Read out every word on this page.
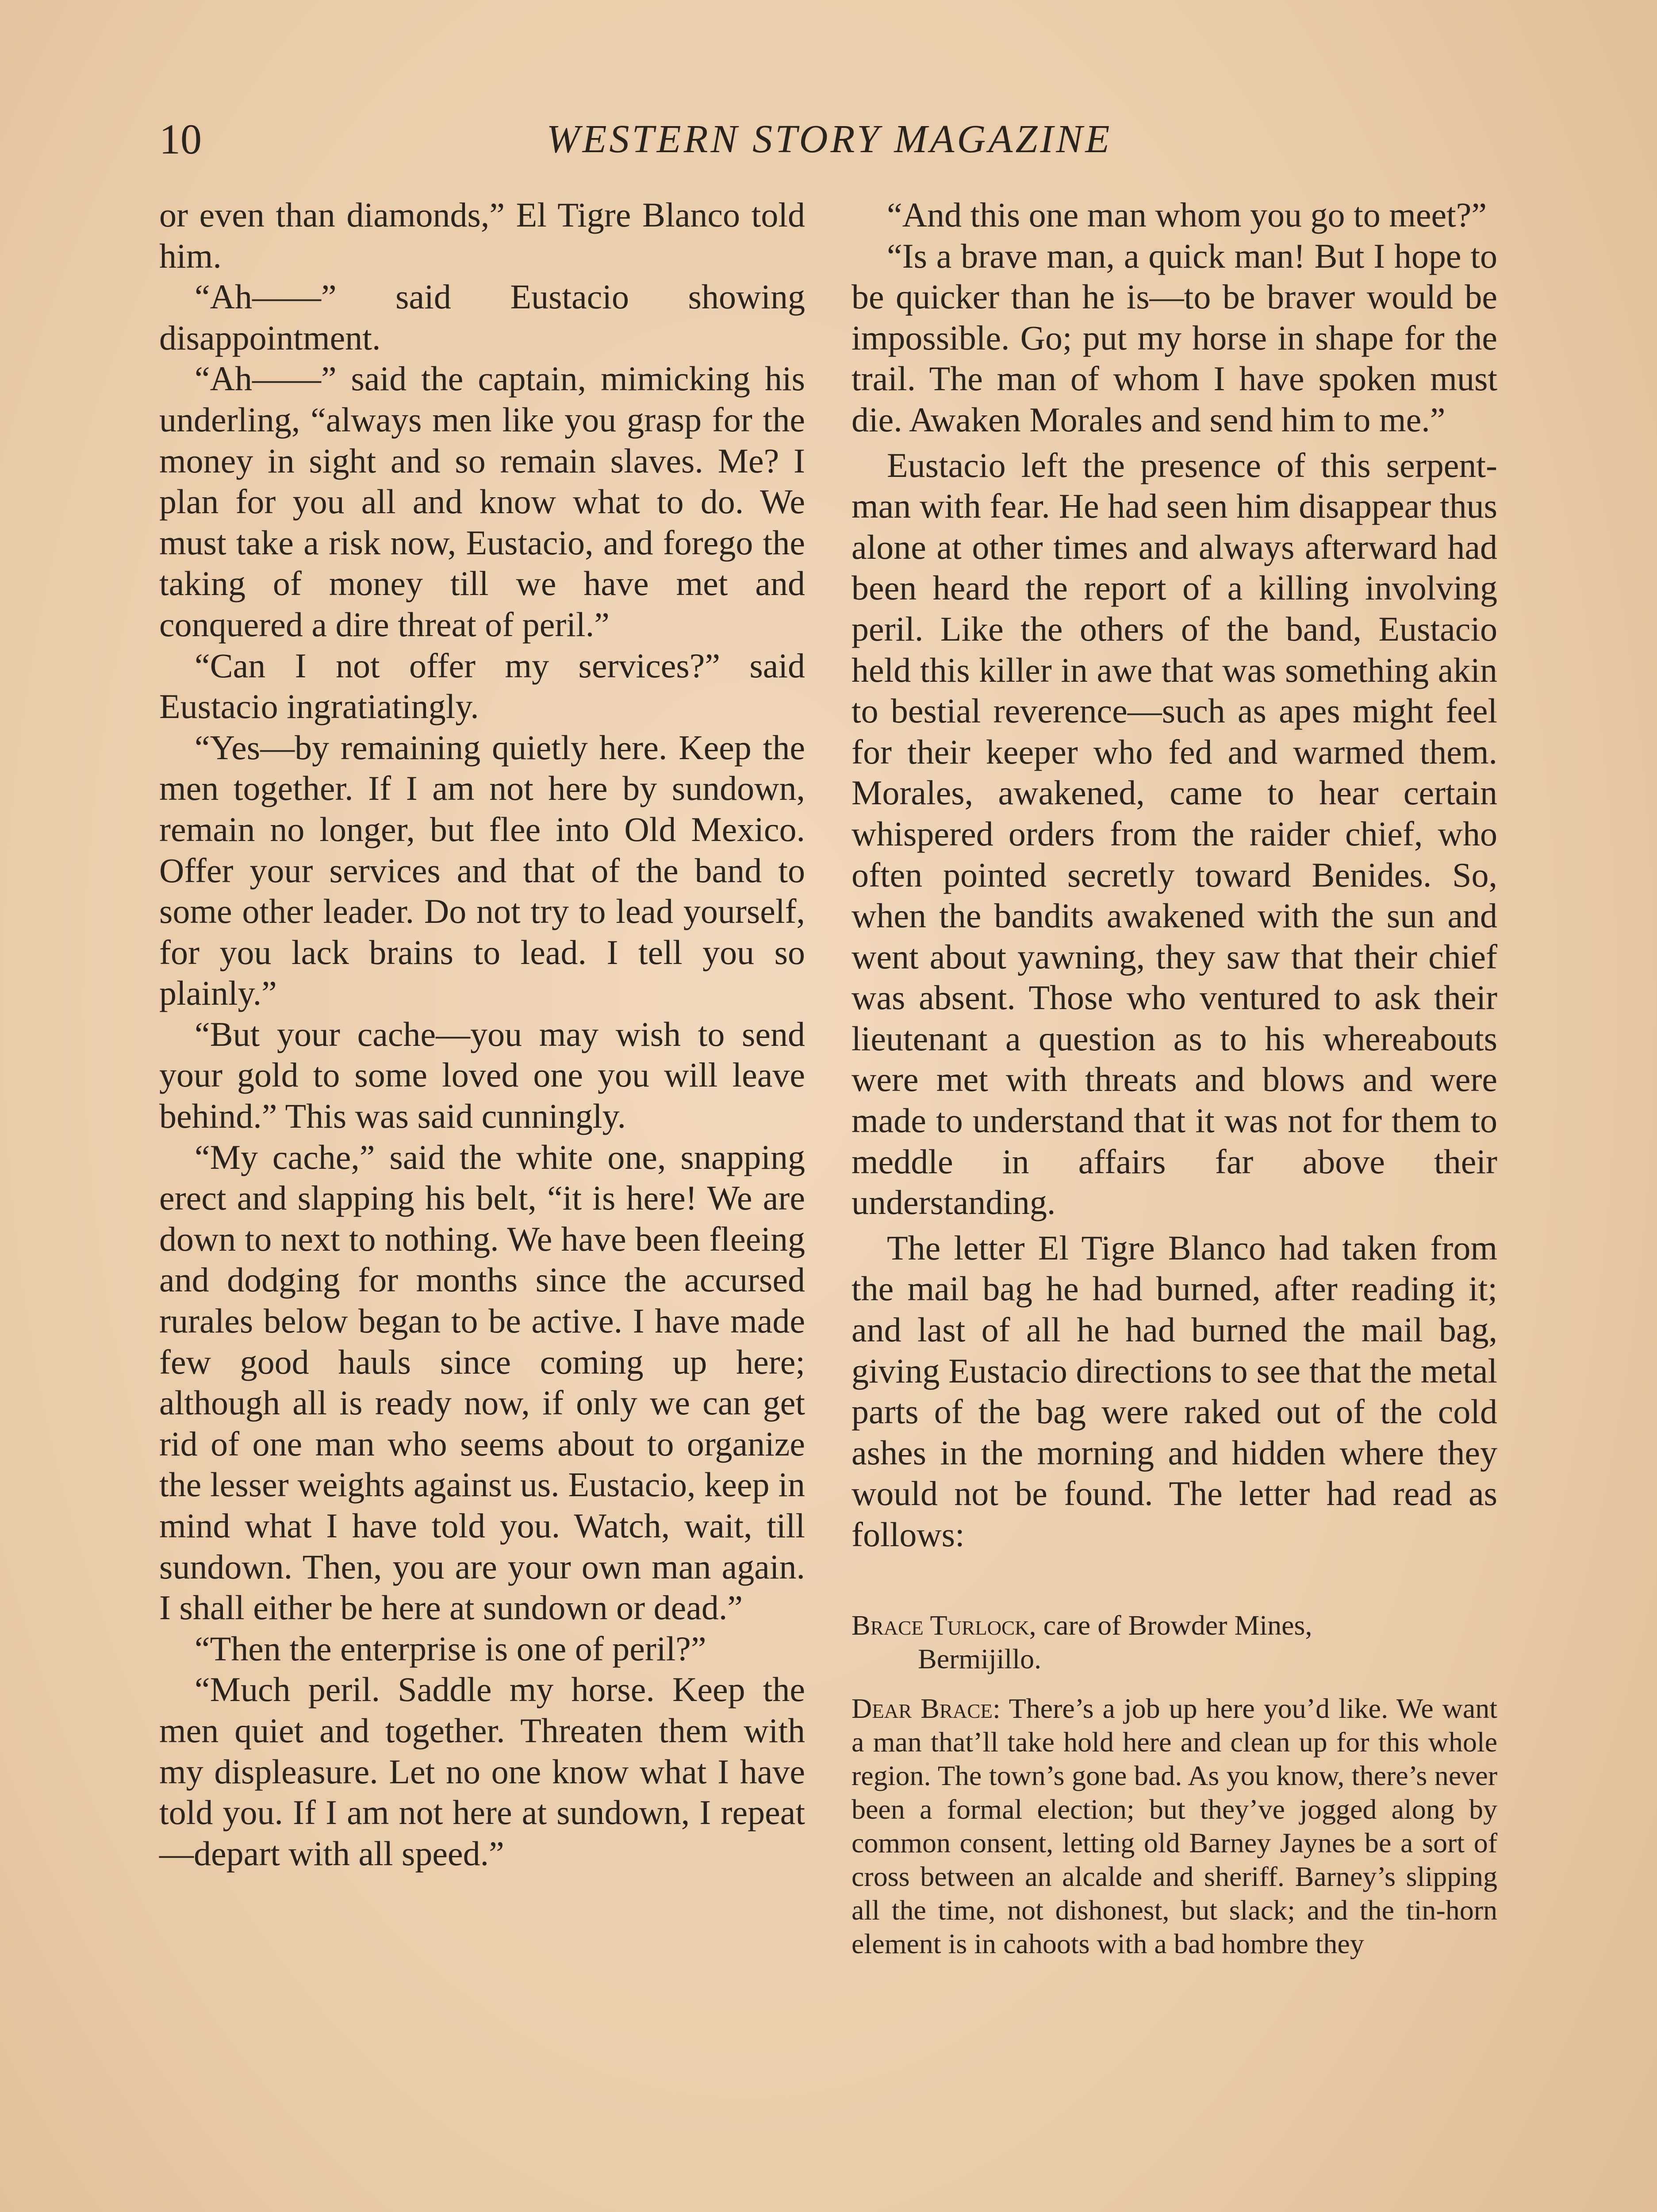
10	WESTERN STORY MAGAZINE

or even than diamonds,” El Tigre Blanco told him.

“Ah——” said Eustacio showing disappointment.

“Ah——” said the captain, mimicking his underling, “always men like you grasp for the money in sight and so remain slaves. Me? I plan for you all and know what to do. We must take a risk now, Eustacio, and forego the taking of money till we have met and conquered a dire threat of peril.”

“Can I not offer my services?” said Eustacio ingratiatingly.

“Yes—by remaining quietly here. Keep the men together. If I am not here by sundown, remain no longer, but flee into Old Mexico. Offer your services and that of the band to some other leader. Do not try to lead yourself, for you lack brains to lead. I tell you so plainly.”

“But your cache—you may wish to send your gold to some loved one you will leave behind.” This was said cunningly.

“My cache,” said the white one, snapping erect and slapping his belt, “it is here! We are down to next to nothing. We have been fleeing and dodging for months since the accursed rurales below began to be active. I have made few good hauls since coming up here; although all is ready now, if only we can get rid of one man who seems about to organize the lesser weights against us. Eustacio, keep in mind what I have told you. Watch, wait, till sundown. Then, you are your own man again. I shall either be here at sundown or dead.”

“Then the enterprise is one of peril?”

“Much peril. Saddle my horse. Keep the men quiet and together. Threaten them with my displeasure. Let no one know what I have told you. If I am not here at sundown, I repeat—depart with all speed.”

“And this one man whom you go to meet?”

“Is a brave man, a quick man! But I hope to be quicker than he is—to be braver would be impossible. Go; put my horse in shape for the trail. The man of whom I have spoken must die. Awaken Morales and send him to me.”

Eustacio left the presence of this serpent-man with fear. He had seen him disappear thus alone at other times and always afterward had been heard the report of a killing involving peril. Like the others of the band, Eustacio held this killer in awe that was something akin to bestial reverence—such as apes might feel for their keeper who fed and warmed them. Morales, awakened, came to hear certain whispered orders from the raider chief, who often pointed secretly toward Benides. So, when the bandits awakened with the sun and went about yawning, they saw that their chief was absent. Those who ventured to ask their lieutenant a question as to his whereabouts were met with threats and blows and were made to understand that it was not for them to meddle in affairs far above their understanding.

The letter El Tigre Blanco had taken from the mail bag he had burned, after reading it; and last of all he had burned the mail bag, giving Eustacio directions to see that the metal parts of the bag were raked out of the cold ashes in the morning and hidden where they would not be found. The letter had read as follows:

Brace Turlock, care of Browder Mines,

Bermijillo.

Dear Brace: There’s a job up here you’d like. We want a man that’ll take hold here and clean up for this whole region. The town’s gone bad. As you know, there’s never been a formal election; but they’ve jogged along by common consent, letting old Barney Jaynes be a sort of cross between an alcalde and sheriff. Barney’s slipping all the time, not dishonest, but slack; and the tin-horn element is in cahoots with a bad hombre they
